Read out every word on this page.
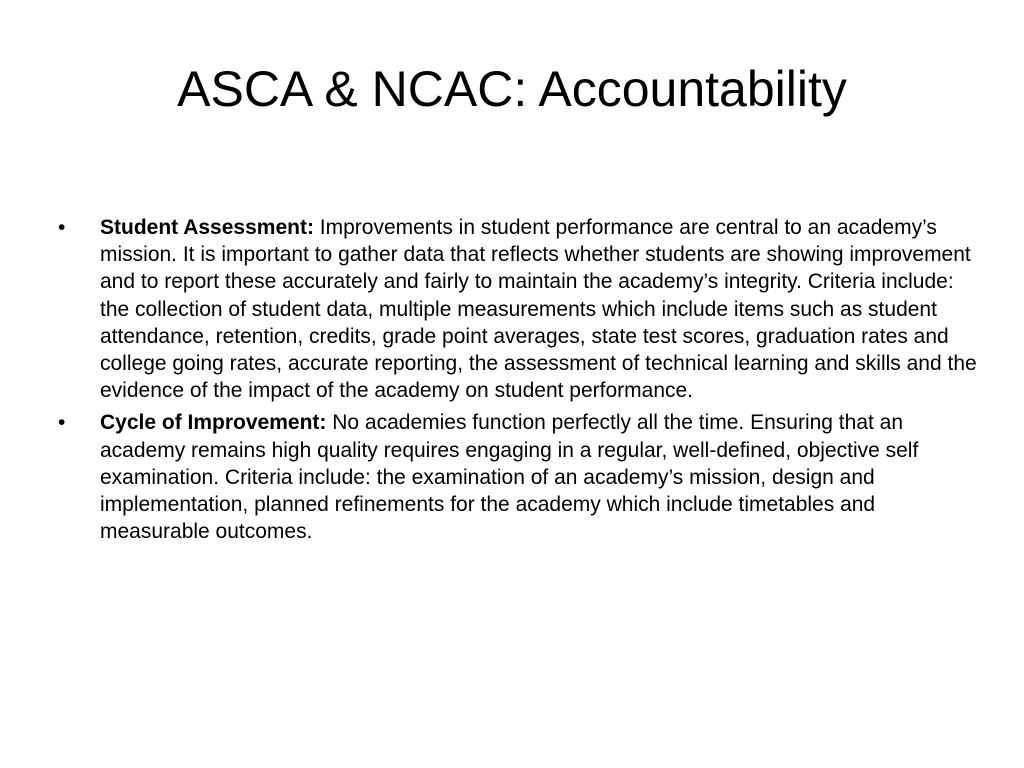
ASCA & NCAC: Accountability
•	Student Assessment: Improvements in student performance are central to an academy’s mission. It is important to gather data that reflects whether students are showing improvement and to report these accurately and fairly to maintain the academy’s integrity. Criteria include: the collection of student data, multiple measurements which include items such as student attendance, retention, credits, grade point averages, state test scores, graduation rates and college going rates, accurate reporting, the assessment of technical learning and skills and the evidence of the impact of the academy on student performance.
•	Cycle of Improvement: No academies function perfectly all the time. Ensuring that an academy remains high quality requires engaging in a regular, well-defined, objective self examination. Criteria include: the examination of an academy’s mission, design and implementation, planned refinements for the academy which include timetables and measurable outcomes.
